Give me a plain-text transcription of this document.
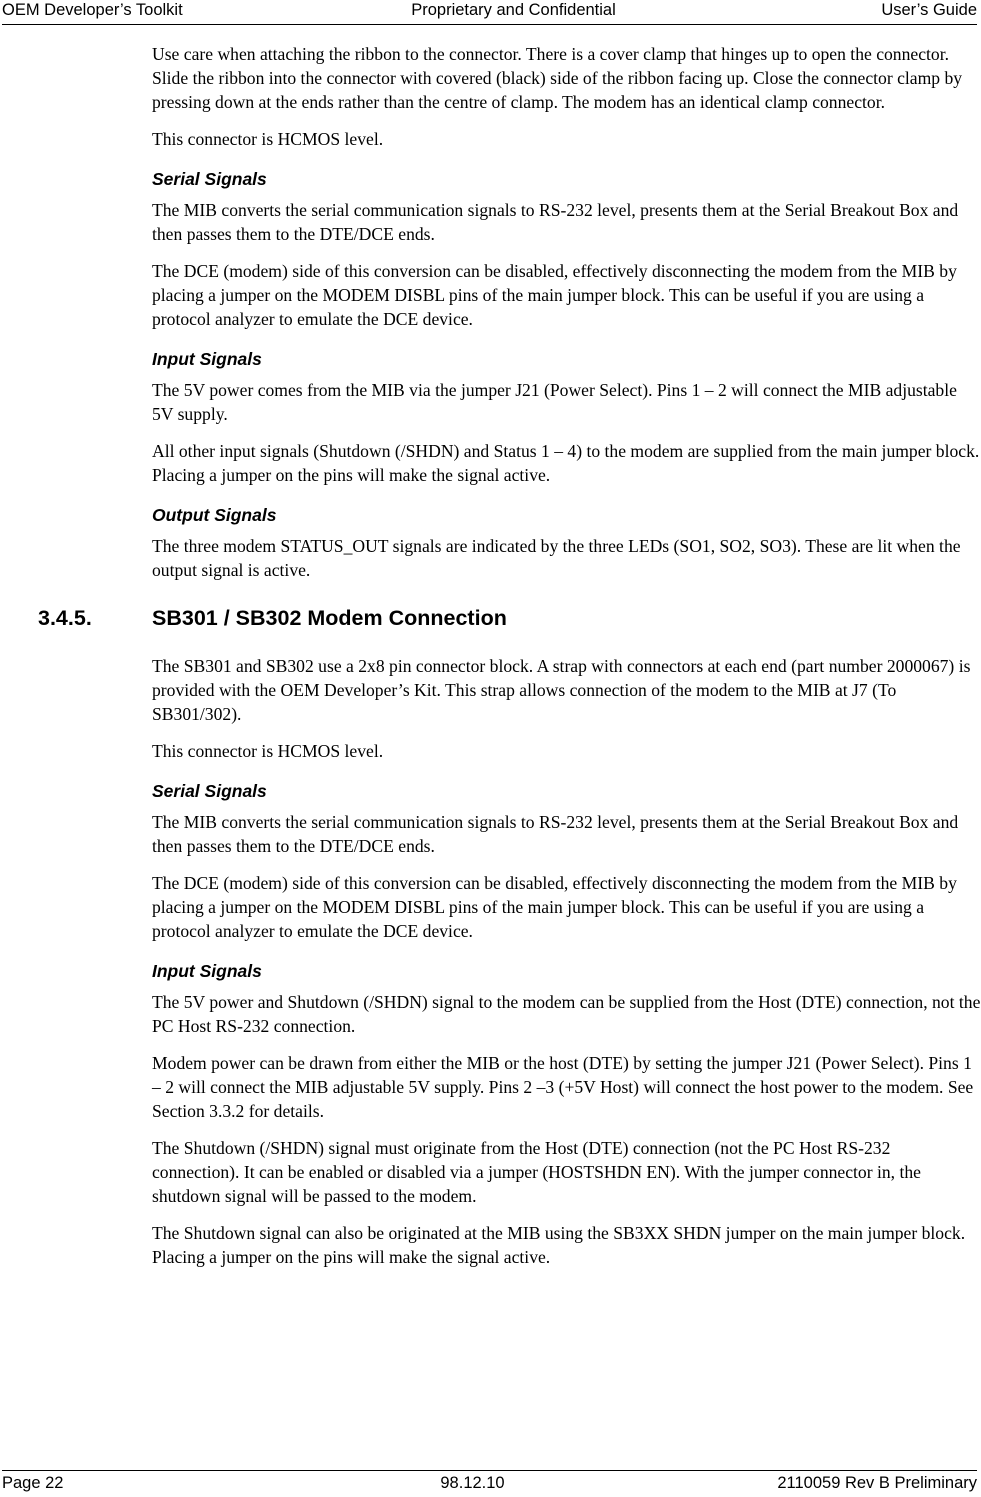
OEM Developer’s Toolkit	Proprietary and Confidential	User’s Guide

Use care when attaching the ribbon to the connector. There is a cover clamp that hinges up to open the connector. Slide the ribbon into the connector with covered (black) side of the ribbon facing up. Close the connector clamp by pressing down at the ends rather than the centre of clamp. The modem has an identical clamp connector.

This connector is HCMOS level.

Serial Signals

The MIB converts the serial communication signals to RS-232 level, presents them at the Serial Breakout Box and then passes them to the DTE/DCE ends.

The DCE (modem) side of this conversion can be disabled, effectively disconnecting the modem from the MIB by placing a jumper on the MODEM DISBL pins of the main jumper block. This can be useful if you are using a protocol analyzer to emulate the DCE device.

Input Signals

The 5V power comes from the MIB via the jumper J21 (Power Select). Pins 1 – 2 will connect the MIB adjustable 5V supply.

All other input signals (Shutdown (/SHDN) and Status 1 – 4) to the modem are supplied from the main jumper block. Placing a jumper on the pins will make the signal active.

Output Signals

The three modem STATUS_OUT signals are indicated by the three LEDs (SO1, SO2, SO3). These are lit when the output signal is active.

3.4.5.	SB301 / SB302 Modem Connection

The SB301 and SB302 use a 2x8 pin connector block. A strap with connectors at each end (part number 2000067) is provided with the OEM Developer’s Kit. This strap allows connection of the modem to the MIB at J7 (To SB301/302).

This connector is HCMOS level.

Serial Signals

The MIB converts the serial communication signals to RS-232 level, presents them at the Serial Breakout Box and then passes them to the DTE/DCE ends.

The DCE (modem) side of this conversion can be disabled, effectively disconnecting the modem from the MIB by placing a jumper on the MODEM DISBL pins of the main jumper block. This can be useful if you are using a protocol analyzer to emulate the DCE device.

Input Signals

The 5V power and Shutdown (/SHDN) signal to the modem can be supplied from the Host (DTE) connection, not the PC Host RS-232 connection.

Modem power can be drawn from either the MIB or the host (DTE) by setting the jumper J21 (Power Select). Pins 1 – 2 will connect the MIB adjustable 5V supply. Pins 2 –3 (+5V Host) will connect the host power to the modem. See Section 3.3.2 for details.

The Shutdown (/SHDN) signal must originate from the Host (DTE) connection (not the PC Host RS-232 connection). It can be enabled or disabled via a jumper (HOSTSHDN EN). With the jumper connector in, the shutdown signal will be passed to the modem.

The Shutdown signal can also be originated at the MIB using the SB3XX SHDN jumper on the main jumper block. Placing a jumper on the pins will make the signal active.

Page 22	98.12.10	2110059 Rev B Preliminary
